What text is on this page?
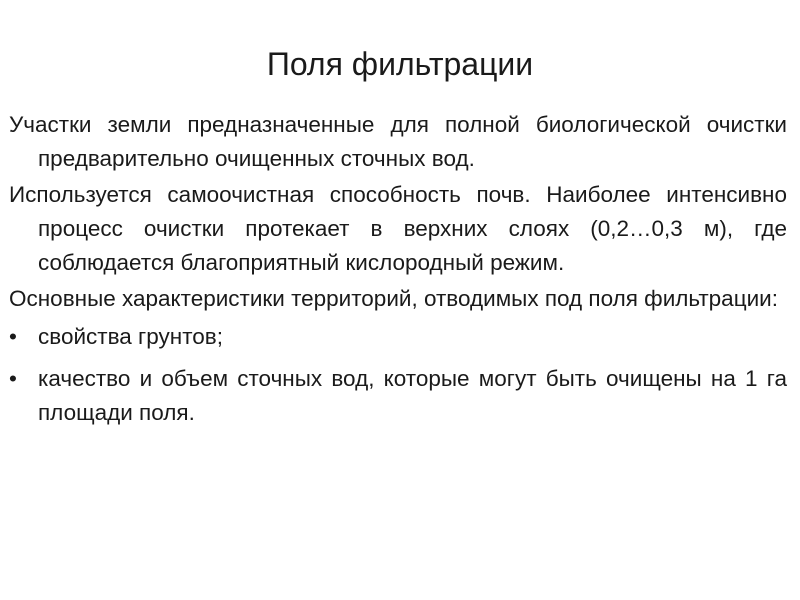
Поля фильтрации

Участки земли предназначенные для полной биологической очистки предварительно очищенных сточных вод.

Используется самоочистная способность почв. Наиболее интенсивно процесс очистки протекает в верхних слоях (0,2…0,3 м), где соблюдается благоприятный кислородный режим.

Основные характеристики территорий, отводимых под поля фильтрации:

• свойства грунтов;
• качество и объем сточных вод, которые могут быть очищены на 1 га площади поля.
